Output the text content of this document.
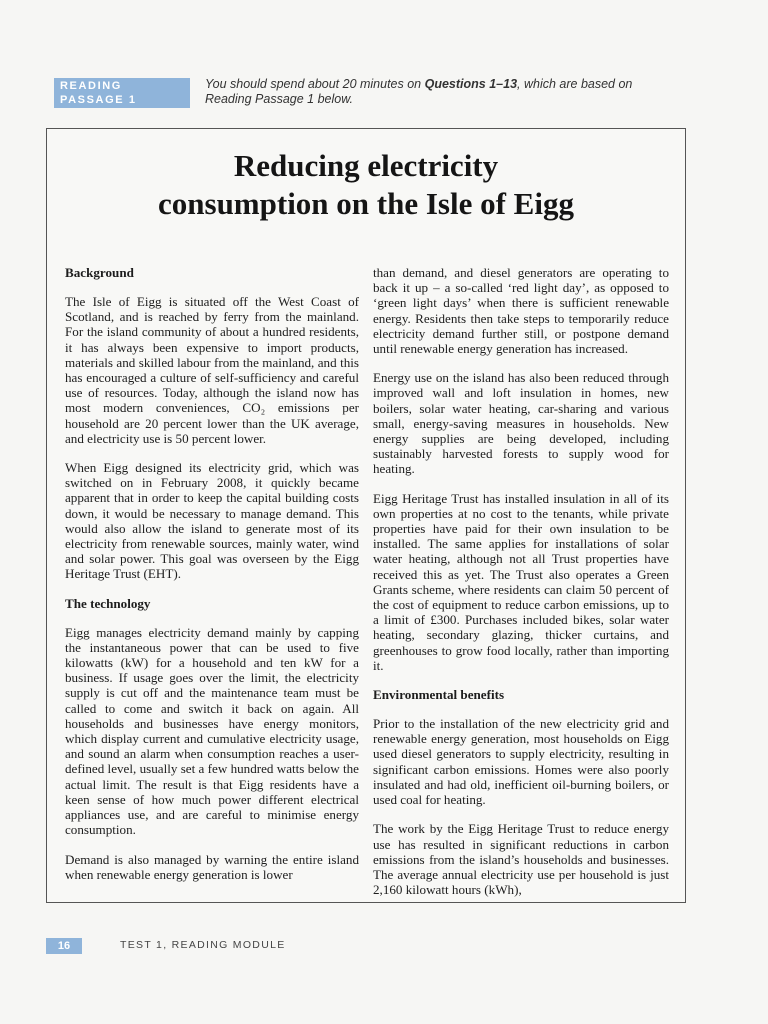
READING
PASSAGE 1
You should spend about 20 minutes on Questions 1–13, which are based on Reading Passage 1 below.
Reducing electricity
consumption on the Isle of Eigg
Background

The Isle of Eigg is situated off the West Coast of Scotland, and is reached by ferry from the mainland. For the island community of about a hundred residents, it has always been expensive to import products, materials and skilled labour from the mainland, and this has encouraged a culture of self-sufficiency and careful use of resources. Today, although the island now has most modern conveniences, CO₂ emissions per household are 20 percent lower than the UK average, and electricity use is 50 percent lower.

When Eigg designed its electricity grid, which was switched on in February 2008, it quickly became apparent that in order to keep the capital building costs down, it would be necessary to manage demand. This would also allow the island to generate most of its electricity from renewable sources, mainly water, wind and solar power. This goal was overseen by the Eigg Heritage Trust (EHT).

The technology

Eigg manages electricity demand mainly by capping the instantaneous power that can be used to five kilowatts (kW) for a household and ten kW for a business. If usage goes over the limit, the electricity supply is cut off and the maintenance team must be called to come and switch it back on again. All households and businesses have energy monitors, which display current and cumulative electricity usage, and sound an alarm when consumption reaches a user-defined level, usually set a few hundred watts below the actual limit. The result is that Eigg residents have a keen sense of how much power different electrical appliances use, and are careful to minimise energy consumption.

Demand is also managed by warning the entire island when renewable energy generation is lower

than demand, and diesel generators are operating to back it up – a so-called ‘red light day’, as opposed to ‘green light days’ when there is sufficient renewable energy. Residents then take steps to temporarily reduce electricity demand further still, or postpone demand until renewable energy generation has increased.

Energy use on the island has also been reduced through improved wall and loft insulation in homes, new boilers, solar water heating, car-sharing and various small, energy-saving measures in households. New energy supplies are being developed, including sustainably harvested forests to supply wood for heating.

Eigg Heritage Trust has installed insulation in all of its own properties at no cost to the tenants, while private properties have paid for their own insulation to be installed. The same applies for installations of solar water heating, although not all Trust properties have received this as yet. The Trust also operates a Green Grants scheme, where residents can claim 50 percent of the cost of equipment to reduce carbon emissions, up to a limit of £300. Purchases included bikes, solar water heating, secondary glazing, thicker curtains, and greenhouses to grow food locally, rather than importing it.

Environmental benefits

Prior to the installation of the new electricity grid and renewable energy generation, most households on Eigg used diesel generators to supply electricity, resulting in significant carbon emissions. Homes were also poorly insulated and had old, inefficient oil-burning boilers, or used coal for heating.

The work by the Eigg Heritage Trust to reduce energy use has resulted in significant reductions in carbon emissions from the island’s households and businesses. The average annual electricity use per household is just 2,160 kilowatt hours (kWh),

16	TEST 1, READING MODULE
